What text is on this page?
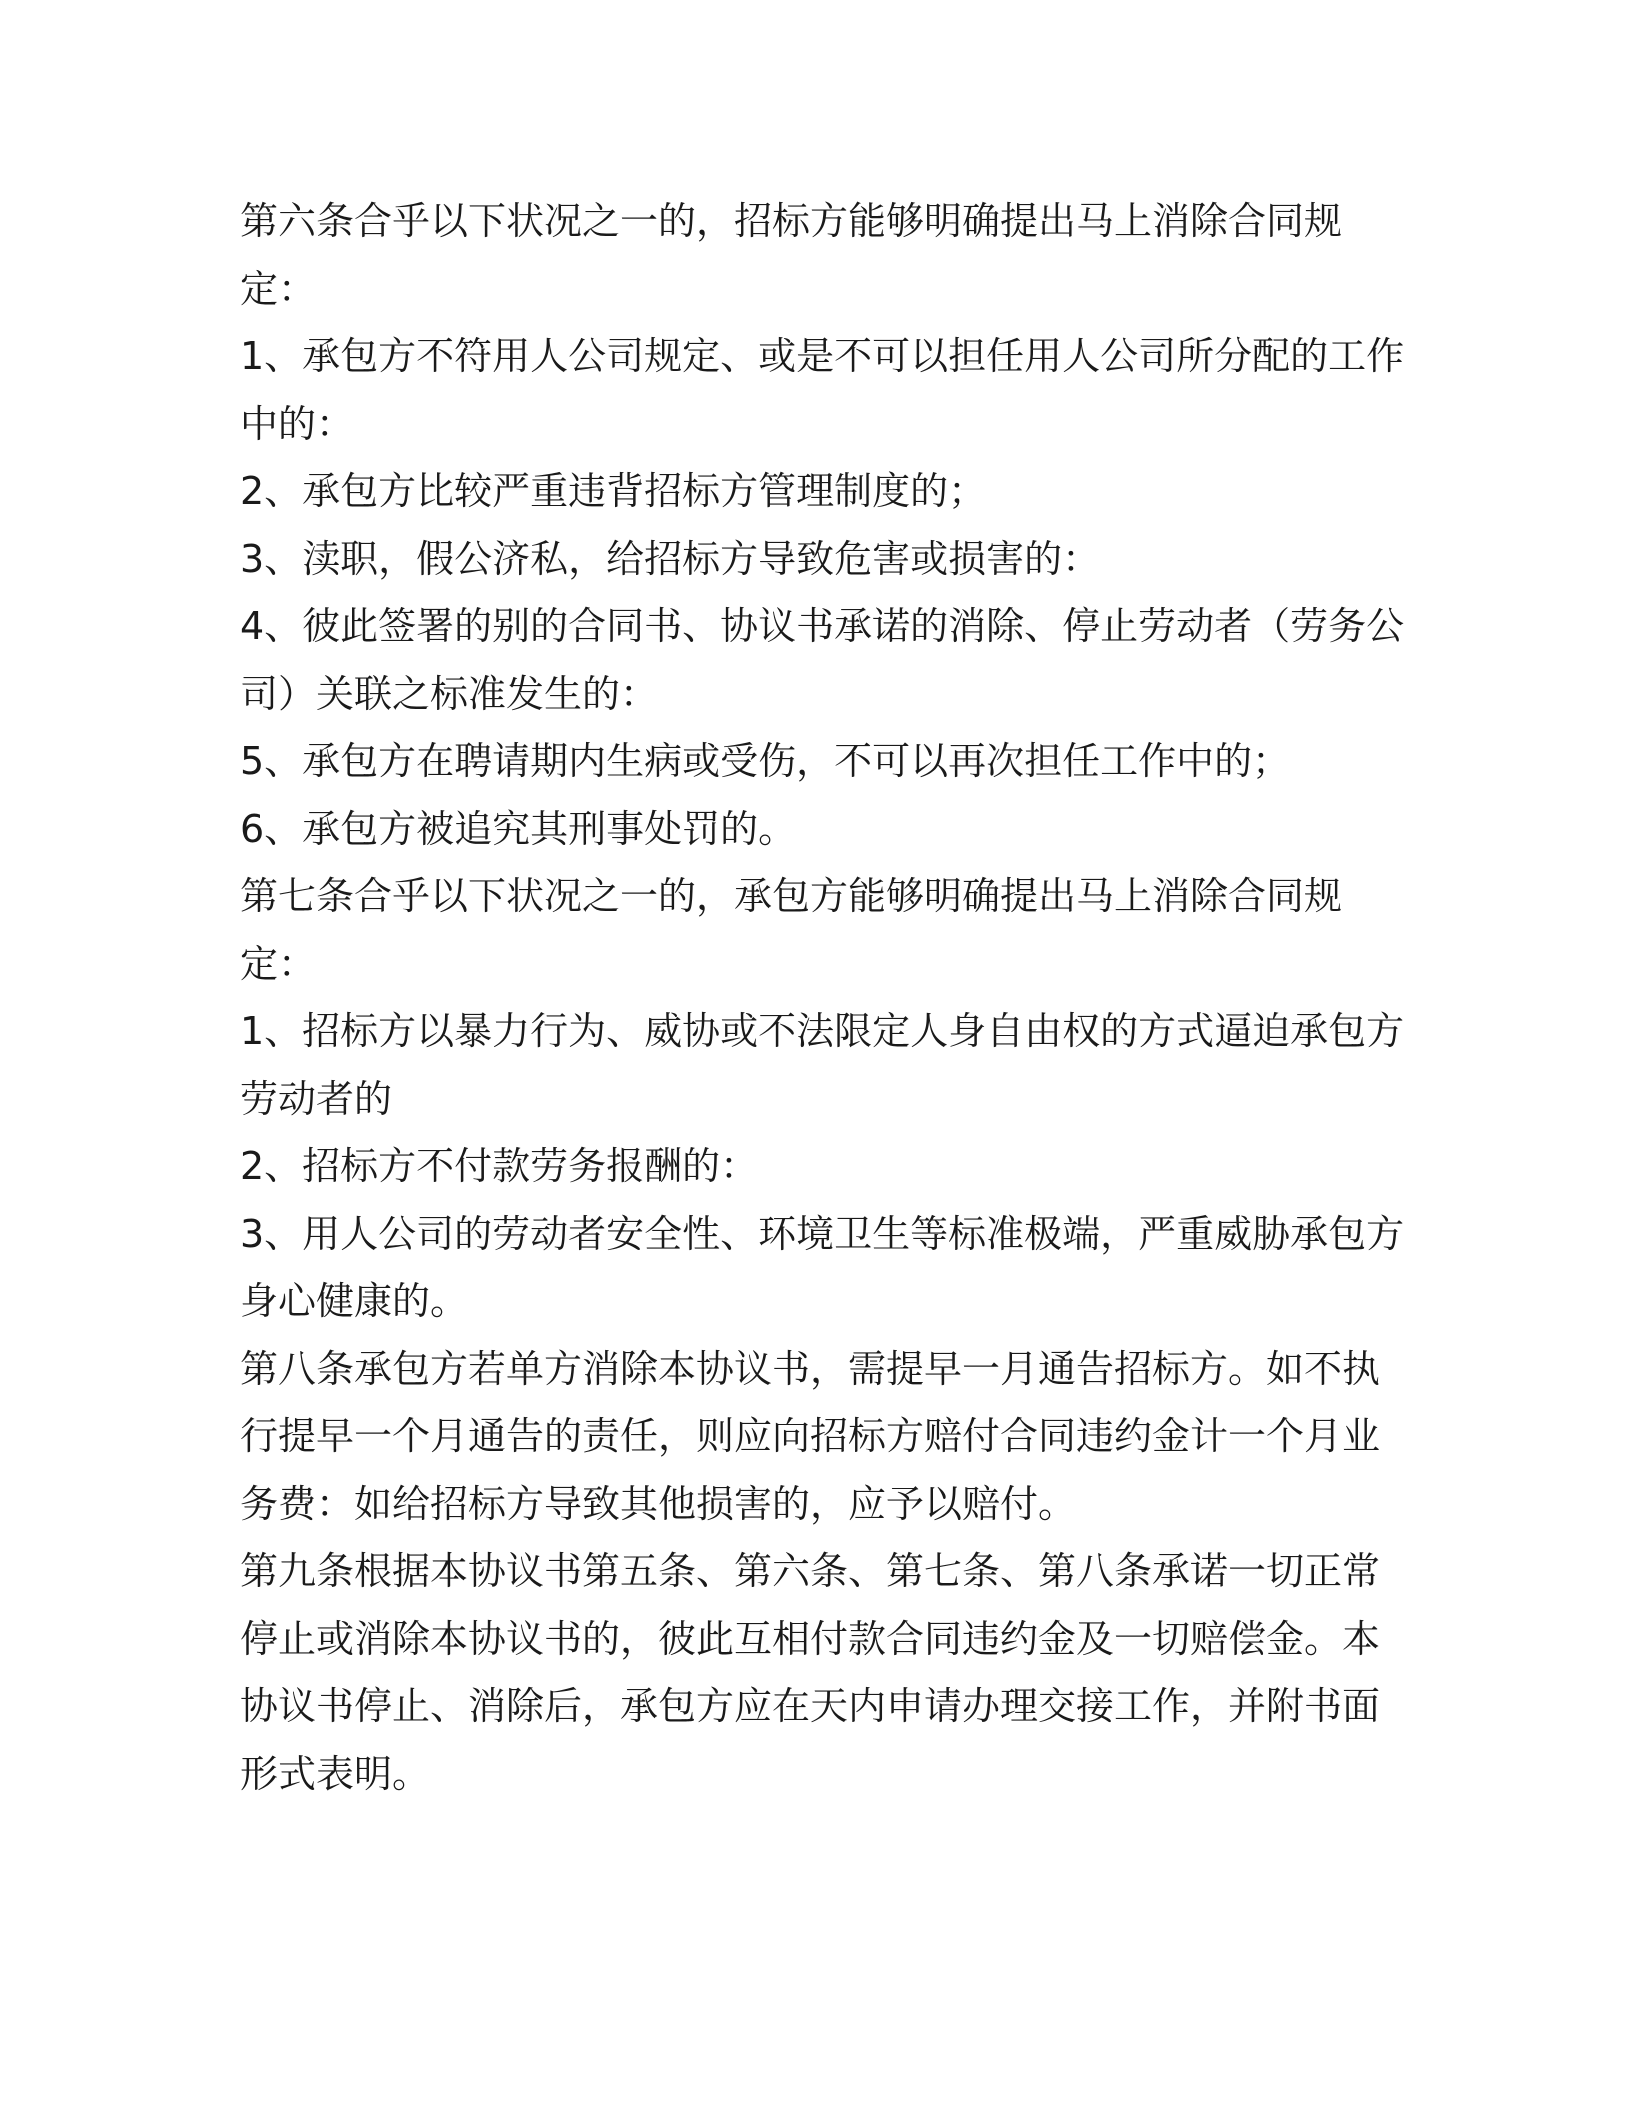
第六条合乎以下状况之一的，招标方能够明确提出马上消除合同规
定：
1、承包方不符用人公司规定、或是不可以担任用人公司所分配的工作
中的：
2、承包方比较严重违背招标方管理制度的；
3、渎职，假公济私，给招标方导致危害或损害的：
4、彼此签署的别的合同书、协议书承诺的消除、停止劳动者（劳务公
司）关联之标准发生的：
5、承包方在聘请期内生病或受伤，不可以再次担任工作中的；
6、承包方被追究其刑事处罚的。
第七条合乎以下状况之一的，承包方能够明确提出马上消除合同规
定：
1、招标方以暴力行为、威协或不法限定人身自由权的方式逼迫承包方
劳动者的
2、招标方不付款劳务报酬的：
3、用人公司的劳动者安全性、环境卫生等标准极端，严重威胁承包方
身心健康的。
第八条承包方若单方消除本协议书，需提早一月通告招标方。如不执
行提早一个月通告的责任，则应向招标方赔付合同违约金计一个月业
务费：如给招标方导致其他损害的，应予以赔付。
第九条根据本协议书第五条、第六条、第七条、第八条承诺一切正常
停止或消除本协议书的，彼此互相付款合同违约金及一切赔偿金。本
协议书停止、消除后，承包方应在天内申请办理交接工作，并附书面
形式表明。
